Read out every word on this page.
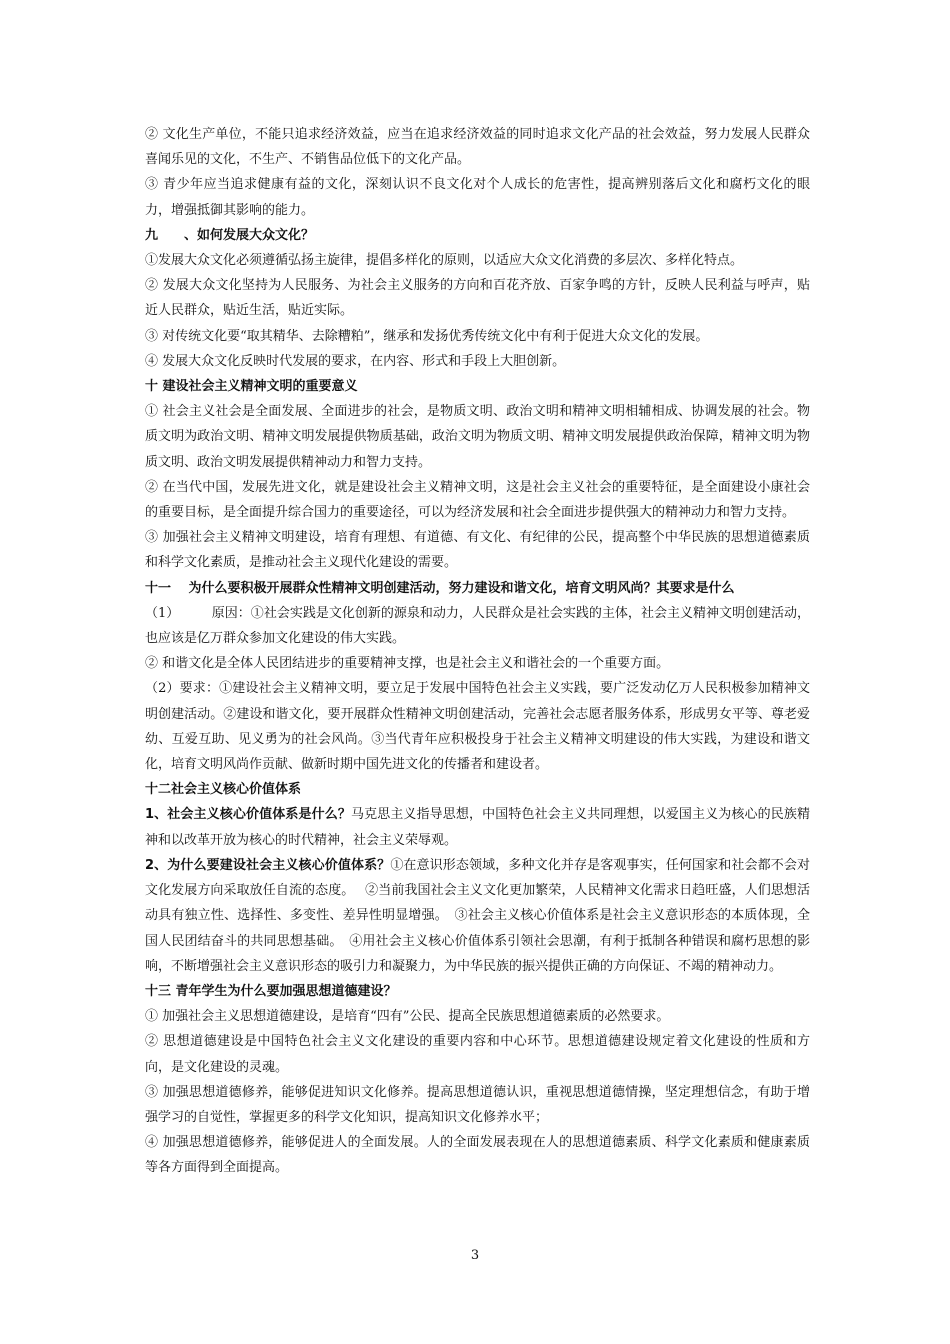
② 文化生产单位，不能只追求经济效益，应当在追求经济效益的同时追求文化产品的社会效益，努力发展人民群众喜闻乐见的文化，不生产、不销售品位低下的文化产品。

③ 青少年应当追求健康有益的文化，深刻认识不良文化对个人成长的危害性，提高辨别落后文化和腐朽文化的眼力，增强抵御其影响的能力。

九　　、如何发展大众文化？

①发展大众文化必须遵循弘扬主旋律，提倡多样化的原则，以适应大众文化消费的多层次、多样化特点。

② 发展大众文化坚持为人民服务、为社会主义服务的方向和百花齐放、百家争鸣的方针，反映人民利益与呼声，贴近人民群众，贴近生活，贴近实际。

③ 对传统文化要“取其精华、去除糟粕”，继承和发扬优秀传统文化中有利于促进大众文化的发展。

④ 发展大众文化反映时代发展的要求，在内容、形式和手段上大胆创新。

十 建设社会主义精神文明的重要意义

① 社会主义社会是全面发展、全面进步的社会，是物质文明、政治文明和精神文明相辅相成、协调发展的社会。物质文明为政治文明、精神文明发展提供物质基础，政治文明为物质文明、精神文明发展提供政治保障，精神文明为物质文明、政治文明发展提供精神动力和智力支持。

② 在当代中国，发展先进文化，就是建设社会主义精神文明，这是社会主义社会的重要特征，是全面建设小康社会的重要目标，是全面提升综合国力的重要途径，可以为经济发展和社会全面进步提供强大的精神动力和智力支持。

③ 加强社会主义精神文明建设，培育有理想、有道德、有文化、有纪律的公民，提高整个中华民族的思想道德素质和科学文化素质，是推动社会主义现代化建设的需要。

十一　 为什么要积极开展群众性精神文明创建活动，努力建设和谐文化，培育文明风尚？其要求是什么

（1）　　　原因：①社会实践是文化创新的源泉和动力，人民群众是社会实践的主体，社会主义精神文明创建活动，也应该是亿万群众参加文化建设的伟大实践。

② 和谐文化是全体人民团结进步的重要精神支撑，也是社会主义和谐社会的一个重要方面。

（2）要求：①建设社会主义精神文明，要立足于发展中国特色社会主义实践，要广泛发动亿万人民积极参加精神文明创建活动。②建设和谐文化，要开展群众性精神文明创建活动，完善社会志愿者服务体系，形成男女平等、尊老爱幼、互爱互助、见义勇为的社会风尚。③当代青年应积极投身于社会主义精神文明建设的伟大实践，为建设和谐文化，培育文明风尚作贡献、做新时期中国先进文化的传播者和建设者。

十二社会主义核心价值体系

1、社会主义核心价值体系是什么？马克思主义指导思想，中国特色社会主义共同理想，以爱国主义为核心的民族精神和以改革开放为核心的时代精神，社会主义荣辱观。

2、为什么要建设社会主义核心价值体系？①在意识形态领域，多种文化并存是客观事实，任何国家和社会都不会对文化发展方向采取放任自流的态度。　 ②当前我国社会主义文化更加繁荣，人民精神文化需求日趋旺盛，人们思想活动具有独立性、选择性、多变性、差异性明显增强。　③社会主义核心价值体系是社会主义意识形态的本质体现，全国人民团结奋斗的共同思想基础。　④用社会主义核心价值体系引领社会思潮，有利于抵制各种错误和腐朽思想的影响，不断增强社会主义意识形态的吸引力和凝聚力，为中华民族的振兴提供正确的方向保证、不竭的精神动力。

十三 青年学生为什么要加强思想道德建设？

① 加强社会主义思想道德建设，是培育“四有”公民、提高全民族思想道德素质的必然要求。

② 思想道德建设是中国特色社会主义文化建设的重要内容和中心环节。思想道德建设规定着文化建设的性质和方向，是文化建设的灵魂。

③ 加强思想道德修养，能够促进知识文化修养。提高思想道德认识，重视思想道德情操，坚定理想信念，有助于增强学习的自觉性，掌握更多的科学文化知识，提高知识文化修养水平；

④ 加强思想道德修养，能够促进人的全面发展。人的全面发展表现在人的思想道德素质、科学文化素质和健康素质等各方面得到全面提高。

3
